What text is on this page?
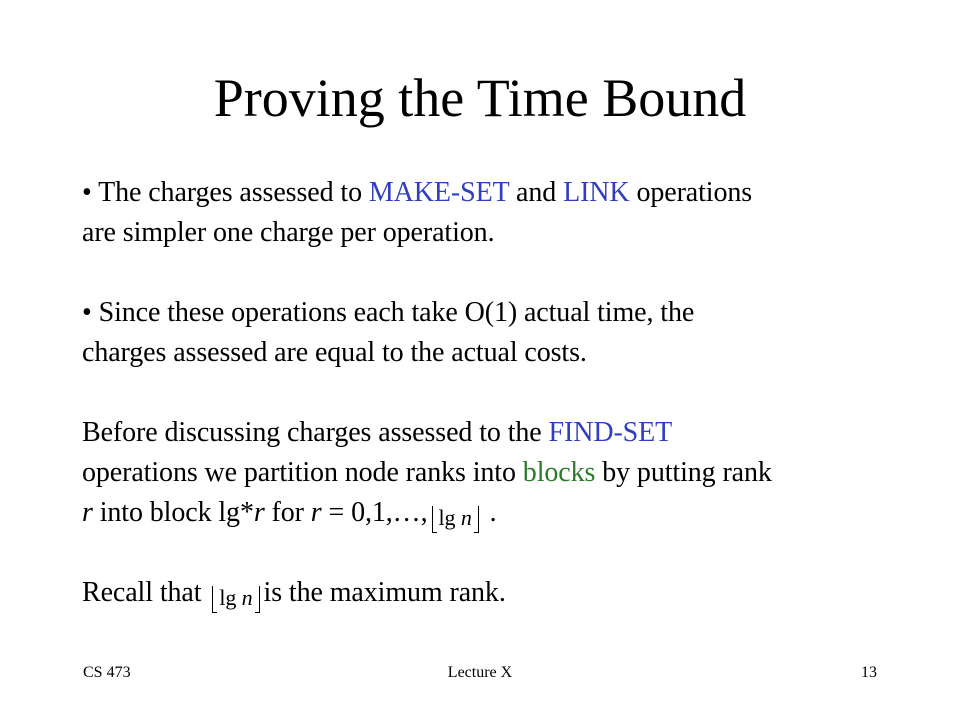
Proving the Time Bound
• The charges assessed to MAKE-SET and LINK operations
are simpler one charge per operation.
• Since these operations each take O(1) actual time, the
charges assessed are equal to the actual costs.
Before discussing charges assessed to the FIND-SET
operations we partition node ranks into blocks by putting rank
r into block lg*r for r = 0,1,…, lg n .
Recall that lg n is the maximum rank.
CS 473	Lecture X	13
